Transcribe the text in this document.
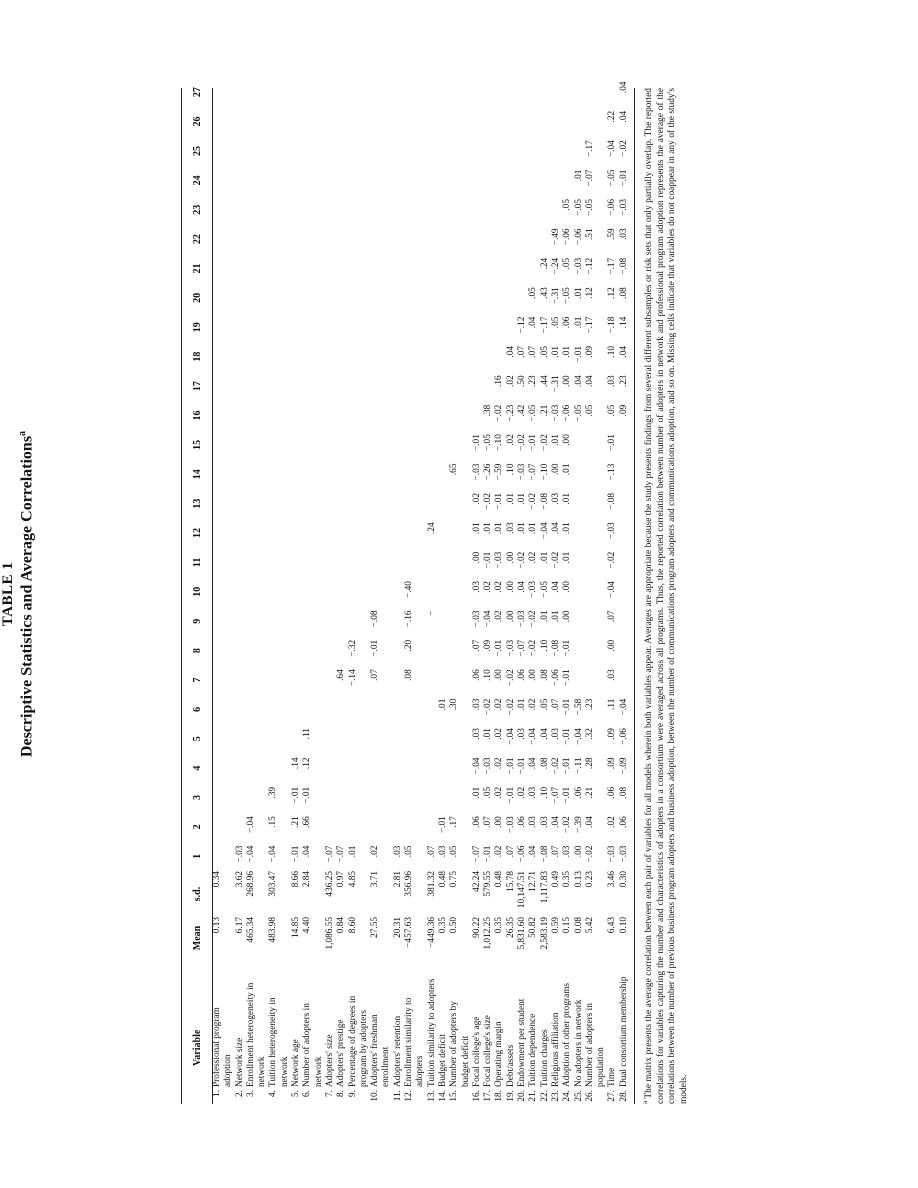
TABLE 1 Descriptive Statistics and Average Correlations$^a$
Variable	Mean	s.d.	1	2	3	4	5	6	7	8	9	10	11	12	13	14	15	16	17	18	19	20	21	22	23	24	25	26	27
1.Professional program adoption	0.13	0.34																											
2.Network size	6.17	3.62	−.03																										
3.Enrollment heterogeneity in network	465.34	268.96	−.04	−.04																									
4.Tuition heterogeneity in network	483.98	303.47	−.04	.15	.39																								
5.Network age	14.85	8.66	−.01	.21	−.01	.14																							
6.Number of adopters in network	4.40	2.84	.04	.66	−.01	.12	.11																						
7.Adopters' size	1,086.55	436.25	−.07																										
8.Adopters' prestige	0.84	0.97	−.07						.64																				
9.Percentage of degrees in program by adopters	8.60	4.85	.01						−.14	−.32																			
10.Adopters' freshman enrollment	27.55	3.71	.02						.07	−.01	−.08																		
11.Adopters' retention	20.31	2.81	.03																										
12.Enrollment similarity to adopters	−457.63	356.96	.05						.08	.20	−.16	−.40																	
13.Tuition similarity to adopters	−449.36	381.32	.07								−			.24															
14.Budget deficit	0.35	0.48	.03	−.01				.01																					
15.Number of adopters by budget deficit	0.50	0.75	.05	.17				.30								.65													
16.Focal college's age	90.22	42.24	−.07	.06	.01	−.04	.03	.03	.06	.07	−.03	.03	.00	.01	.02	−.03	−.01												
17.Focal college's size	1,012.25	579.55	−.01	.07	.05	−.03	.01	−.02	.10	.09	−.04	.02	−.01	.01	−.02	−.26	−.05	.38											
18.Operating margin	0.35	0.48	.02	.00	.02	.02	.02	.02	.00	−.01	.02	.02	−.03	.01	−.01	−.59	−.10	−.02	.16										
19.Debt/assets	26.35	15.78	.07	−.03	−.01	−.01	−.04	−.02	−.02	−.03	.00	.00	.00	.03	.01	.10	.02	−.23	.02	.04									
20.Endowment per student	5,831.60	10,147.51	−.06	.06	.02	−.01	.03	.01	.06	−.07	−.03	.04	−.02	.01	.01	−.03	−.02	.42	.50	.07	−.12								
21.Tuition dependence	50.82	12.71	.04	.03	.03	.04	−.04	.02	.00	−.02	−.02	−.03	.02	.01	−.02	−.07	−.01	−.05	.23	.07	.04	.05							
22.Tuition charges	2,583.19	1,117.83	−.08	.03	.10	.08	.04	.05	.08	.10	.01	−.05	.01	−.04	−.08	−.10	−.02	.21	.44	.05	−.17	.43	.24						
23.Religious affiliation	0.59	0.49	.07	.04	−.07	−.02	.03	.07	−.06	−.08	.01	.04	−.02	.04	.03	.00	.01	−.03	−.31	.01	.05	−.31	−.24	−.49					
24.Adoption of other programs	0.15	0.35	.03	−.02	−.01	−.01	−.01	−.01	−.01	−.01	.00	.00	.01	.01	.01	.01	.00	−.06	.00	.01	.06	−.05	.05	−.06	.05				
25.No adopters in network	0.08	0.13	.00	−.39	.06	−.11	−.04	−.58										−.05	.04	−.01	.01	.01	−.03	−.06	−.05	.01			
26.Number of adopters in population	5.42	0.23	−.02	.04	.21	.28	.32	.23										.05	.04	.09	−.17	.12	−.12	.51	−.05	−.07	−.17		
27.Time	6.43	3.46	−.03	.02	.06	.09	.09	.11	.03	.00	.07	−.04	−.02	−.03	−.08	−.13	−.01	.05	.03	.10	−.18	.12	−.17	.59	−.06	−.05	−.04	.22	
28.Dual consortium membership	0.10	0.30	−.03	.06	.08	−.09	−.06	−.04										.09	.23	.04	.14	.08	−.08	.03	−.03	−.01	−.02	.04	.04
$^a$ The matrix presents the average correlation between each pair of variables for all models wherein both variables appear. Averages are appropriate because the study presents findings from several different subsamples or risk sets that only partially overlap. The reported correlations for variables capturing the number and characteristics of adopters in a consortium were averaged across all programs. Thus, the reported correlation between number of adopters in network and professional program adoption represents the average of the correlations between the number of previous business program adopters and business adoption, between the number of communications program adopters and communications adoption, and so on. Missing cells indicate that variables do not coappear in any of the study's models.
